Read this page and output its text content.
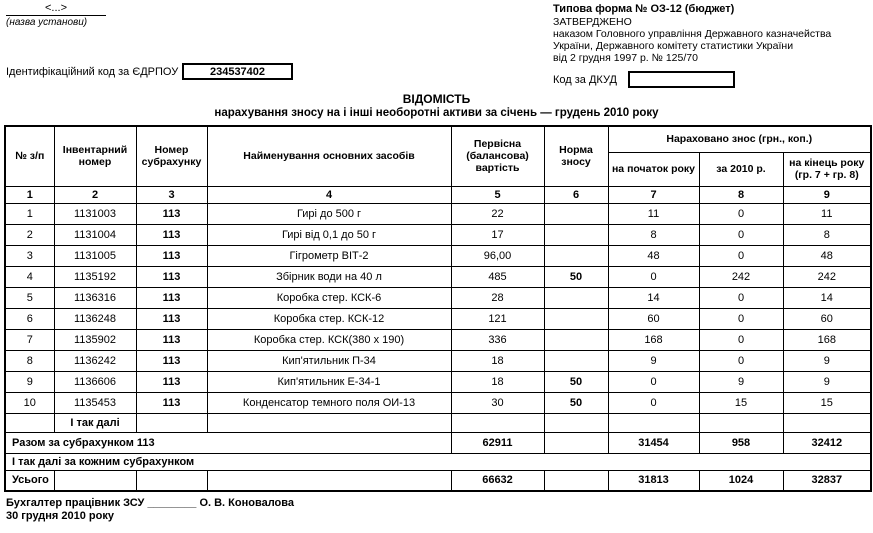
<...>
(назва установи)
Ідентифікаційний код за ЄДРПОУ	234537402
Типова форма № ОЗ-12 (бюджет)
ЗАТВЕРДЖЕНО
наказом Головного управління Державного казначейства
України, Державного комітету статистики України
від 2 грудня 1997 р. № 125/70
Код за ДКУД
ВІДОМІСТЬ
нарахування зносу на і інші необоротні активи за січень — грудень 2010 року
№ з/п	Інвентарний номер	Номер субрахунку	Найменування основних засобів	Первісна (балансова) вартість	Норма зносу	Нараховано знос (грн., коп.)		
						на початок року	за 2010 р.	на кінець року (гр. 7 + гр. 8)
1	2	3	4	5	6	7	8	9
1	1131003	113	Гирі до 500 г	22		11	0	11
2	1131004	113	Гирі від 0,1 до 50 г	17		8	0	8
3	1131005	113	Гігрометр ВІТ-2	96,00		48	0	48
4	1135192	113	Збірник води на 40 л	485	50	0	242	242
5	1136316	113	Коробка стер. КСК-6	28		14	0	14
6	1136248	113	Коробка стер. КСК-12	121		60	0	60
7	1135902	113	Коробка стер. КСК(380 х 190)	336		168	0	168
8	1136242	113	Кип'ятильник П-34	18		9	0	9
9	1136606	113	Кип'ятильник Е-34-1	18	50	0	9	9
10	1135453	113	Конденсатор темного поля ОИ-13	30	50	0	15	15
	І так далі							
Разом за субрахунком 113				62911		31454	958	32412
І так далі за кожним субрахунком								
Усього				66632		31813	1024	32837
Бухгалтер працівник ЗСУ ________ О. В. Коновалова
30 грудня 2010 року
